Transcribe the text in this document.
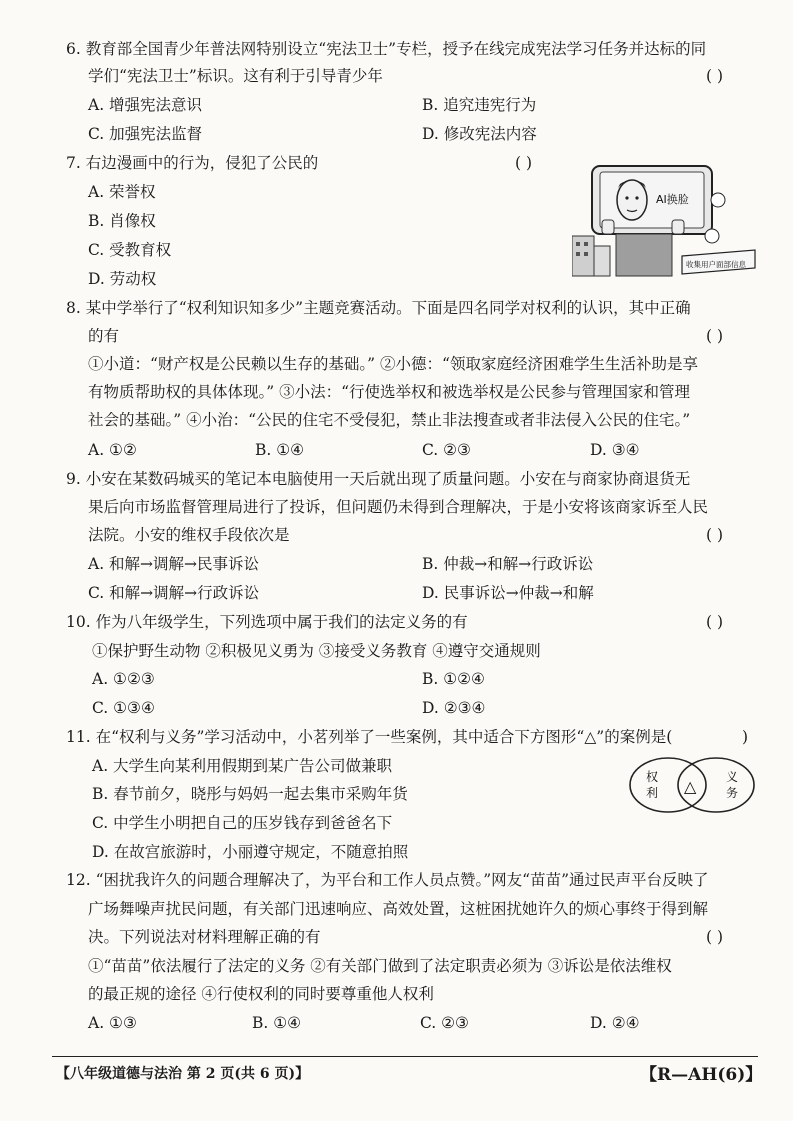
6. 教育部全国青少年普法网特别设立“宪法卫士”专栏，授予在线完成宪法学习任务并达标的同
学们“宪法卫士”标识。这有利于引导青少年	( )
A. 增强宪法意识	B. 追究违宪行为
C. 加强宪法监督	D. 修改宪法内容
7. 右边漫画中的行为，侵犯了公民的	( )
A. 荣誉权
B. 肖像权
C. 受教育权
D. 劳动权
AI换脸
收集用户面部信息
8. 某中学举行了“权利知识知多少”主题竞赛活动。下面是四名同学对权利的认识，其中正确
的有	( )
①小道：“财产权是公民赖以生存的基础。” ②小德：“领取家庭经济困难学生生活补助是享
有物质帮助权的具体体现。” ③小法：“行使选举权和被选举权是公民参与管理国家和管理
社会的基础。” ④小治：“公民的住宅不受侵犯，禁止非法搜查或者非法侵入公民的住宅。”
A. ①②	B. ①④	C. ②③	D. ③④
9. 小安在某数码城买的笔记本电脑使用一天后就出现了质量问题。小安在与商家协商退货无
果后向市场监督管理局进行了投诉，但问题仍未得到合理解决，于是小安将该商家诉至人民
法院。小安的维权手段依次是	( )
A. 和解→调解→民事诉讼	B. 仲裁→和解→行政诉讼
C. 和解→调解→行政诉讼	D. 民事诉讼→仲裁→和解
10. 作为八年级学生，下列选项中属于我们的法定义务的有	( )
①保护野生动物 ②积极见义勇为 ③接受义务教育 ④遵守交通规则
A. ①②③	B. ①②④
C. ①③④	D. ②③④
11. 在“权利与义务”学习活动中，小茗列举了一些案例，其中适合下方图形“△”的案例是(	)
A. 大学生向某利用假期到某广告公司做兼职
B. 春节前夕，晓彤与妈妈一起去集市采购年货
C. 中学生小明把自己的压岁钱存到爸爸名下
D. 在故宫旅游时，小丽遵守规定，不随意拍照
权
利 △ 义
务
12. “困扰我许久的问题合理解决了，为平台和工作人员点赞。”网友“苗苗”通过民声平台反映了
广场舞噪声扰民问题，有关部门迅速响应、高效处置，这桩困扰她许久的烦心事终于得到解
决。下列说法对材料理解正确的有	( )
①“苗苗”依法履行了法定的义务 ②有关部门做到了法定职责必须为 ③诉讼是依法维权
的最正规的途径 ④行使权利的同时要尊重他人权利
A. ①③	B. ①④	C. ②③	D. ②④
【八年级道德与法治 第 2 页(共 6 页)】	【R—AH(6)】
